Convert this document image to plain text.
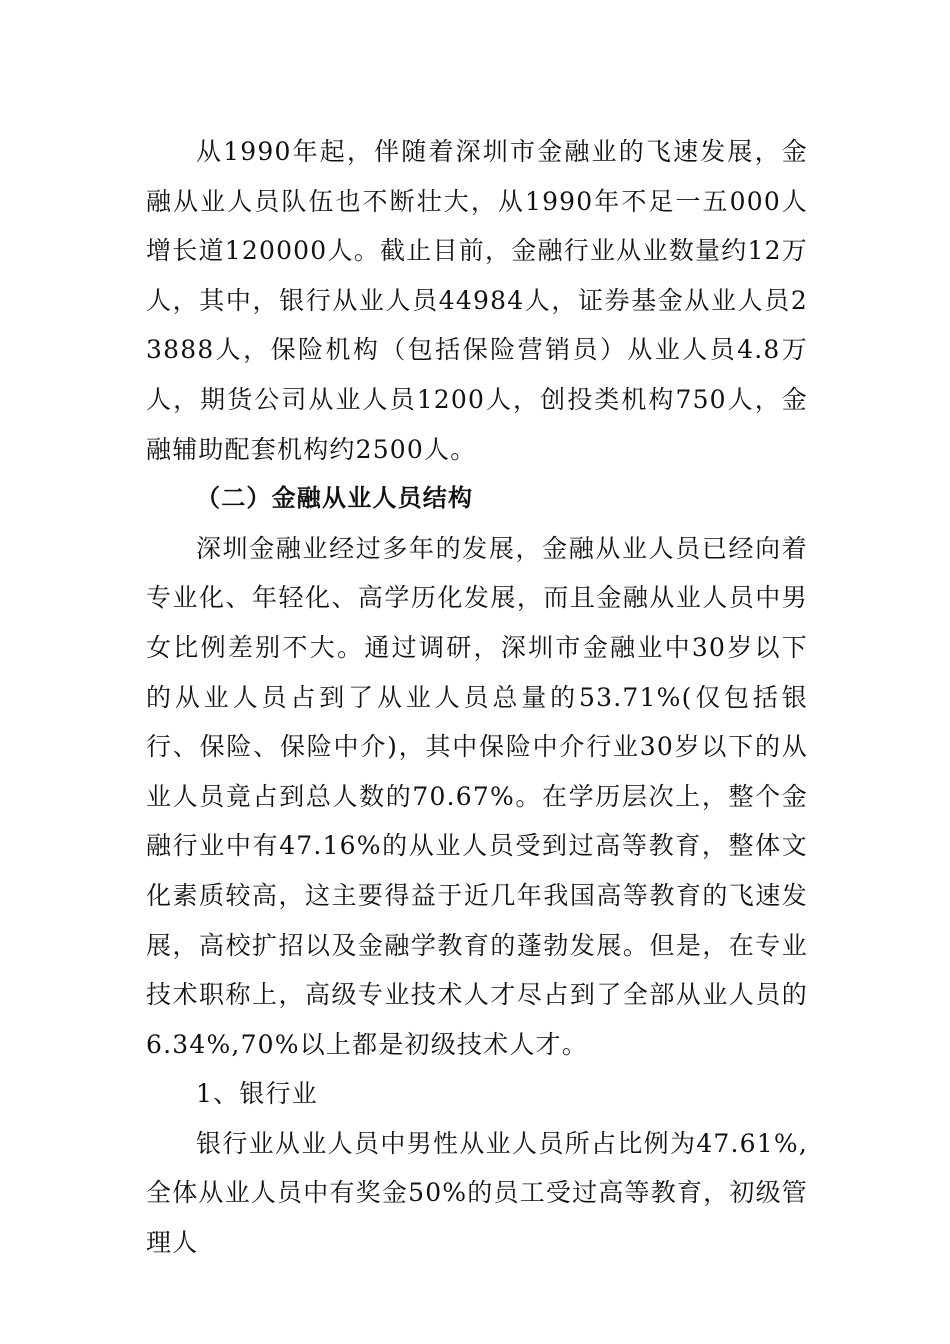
从1990年起，伴随着深圳市金融业的飞速发展，金融从业人员队伍也不断壮大，从1990年不足一五000人增长道120000人。截止目前，金融行业从业数量约12万人，其中，银行从业人员44984人，证券基金从业人员23888人，保险机构（包括保险营销员）从业人员4.8万人，期货公司从业人员1200人，创投类机构750人，金融辅助配套机构约2500人。

（二）金融从业人员结构

深圳金融业经过多年的发展，金融从业人员已经向着专业化、年轻化、高学历化发展，而且金融从业人员中男女比例差别不大。通过调研，深圳市金融业中30岁以下的从业人员占到了从业人员总量的53.71%(仅包括银行、保险、保险中介)，其中保险中介行业30岁以下的从业人员竟占到总人数的70.67%。在学历层次上，整个金融行业中有47.16%的从业人员受到过高等教育，整体文化素质较高，这主要得益于近几年我国高等教育的飞速发展，高校扩招以及金融学教育的蓬勃发展。但是，在专业技术职称上，高级专业技术人才尽占到了全部从业人员的6.34%,70%以上都是初级技术人才。

1、银行业

银行业从业人员中男性从业人员所占比例为47.61%,全体从业人员中有奖金50%的员工受过高等教育，初级管理人
